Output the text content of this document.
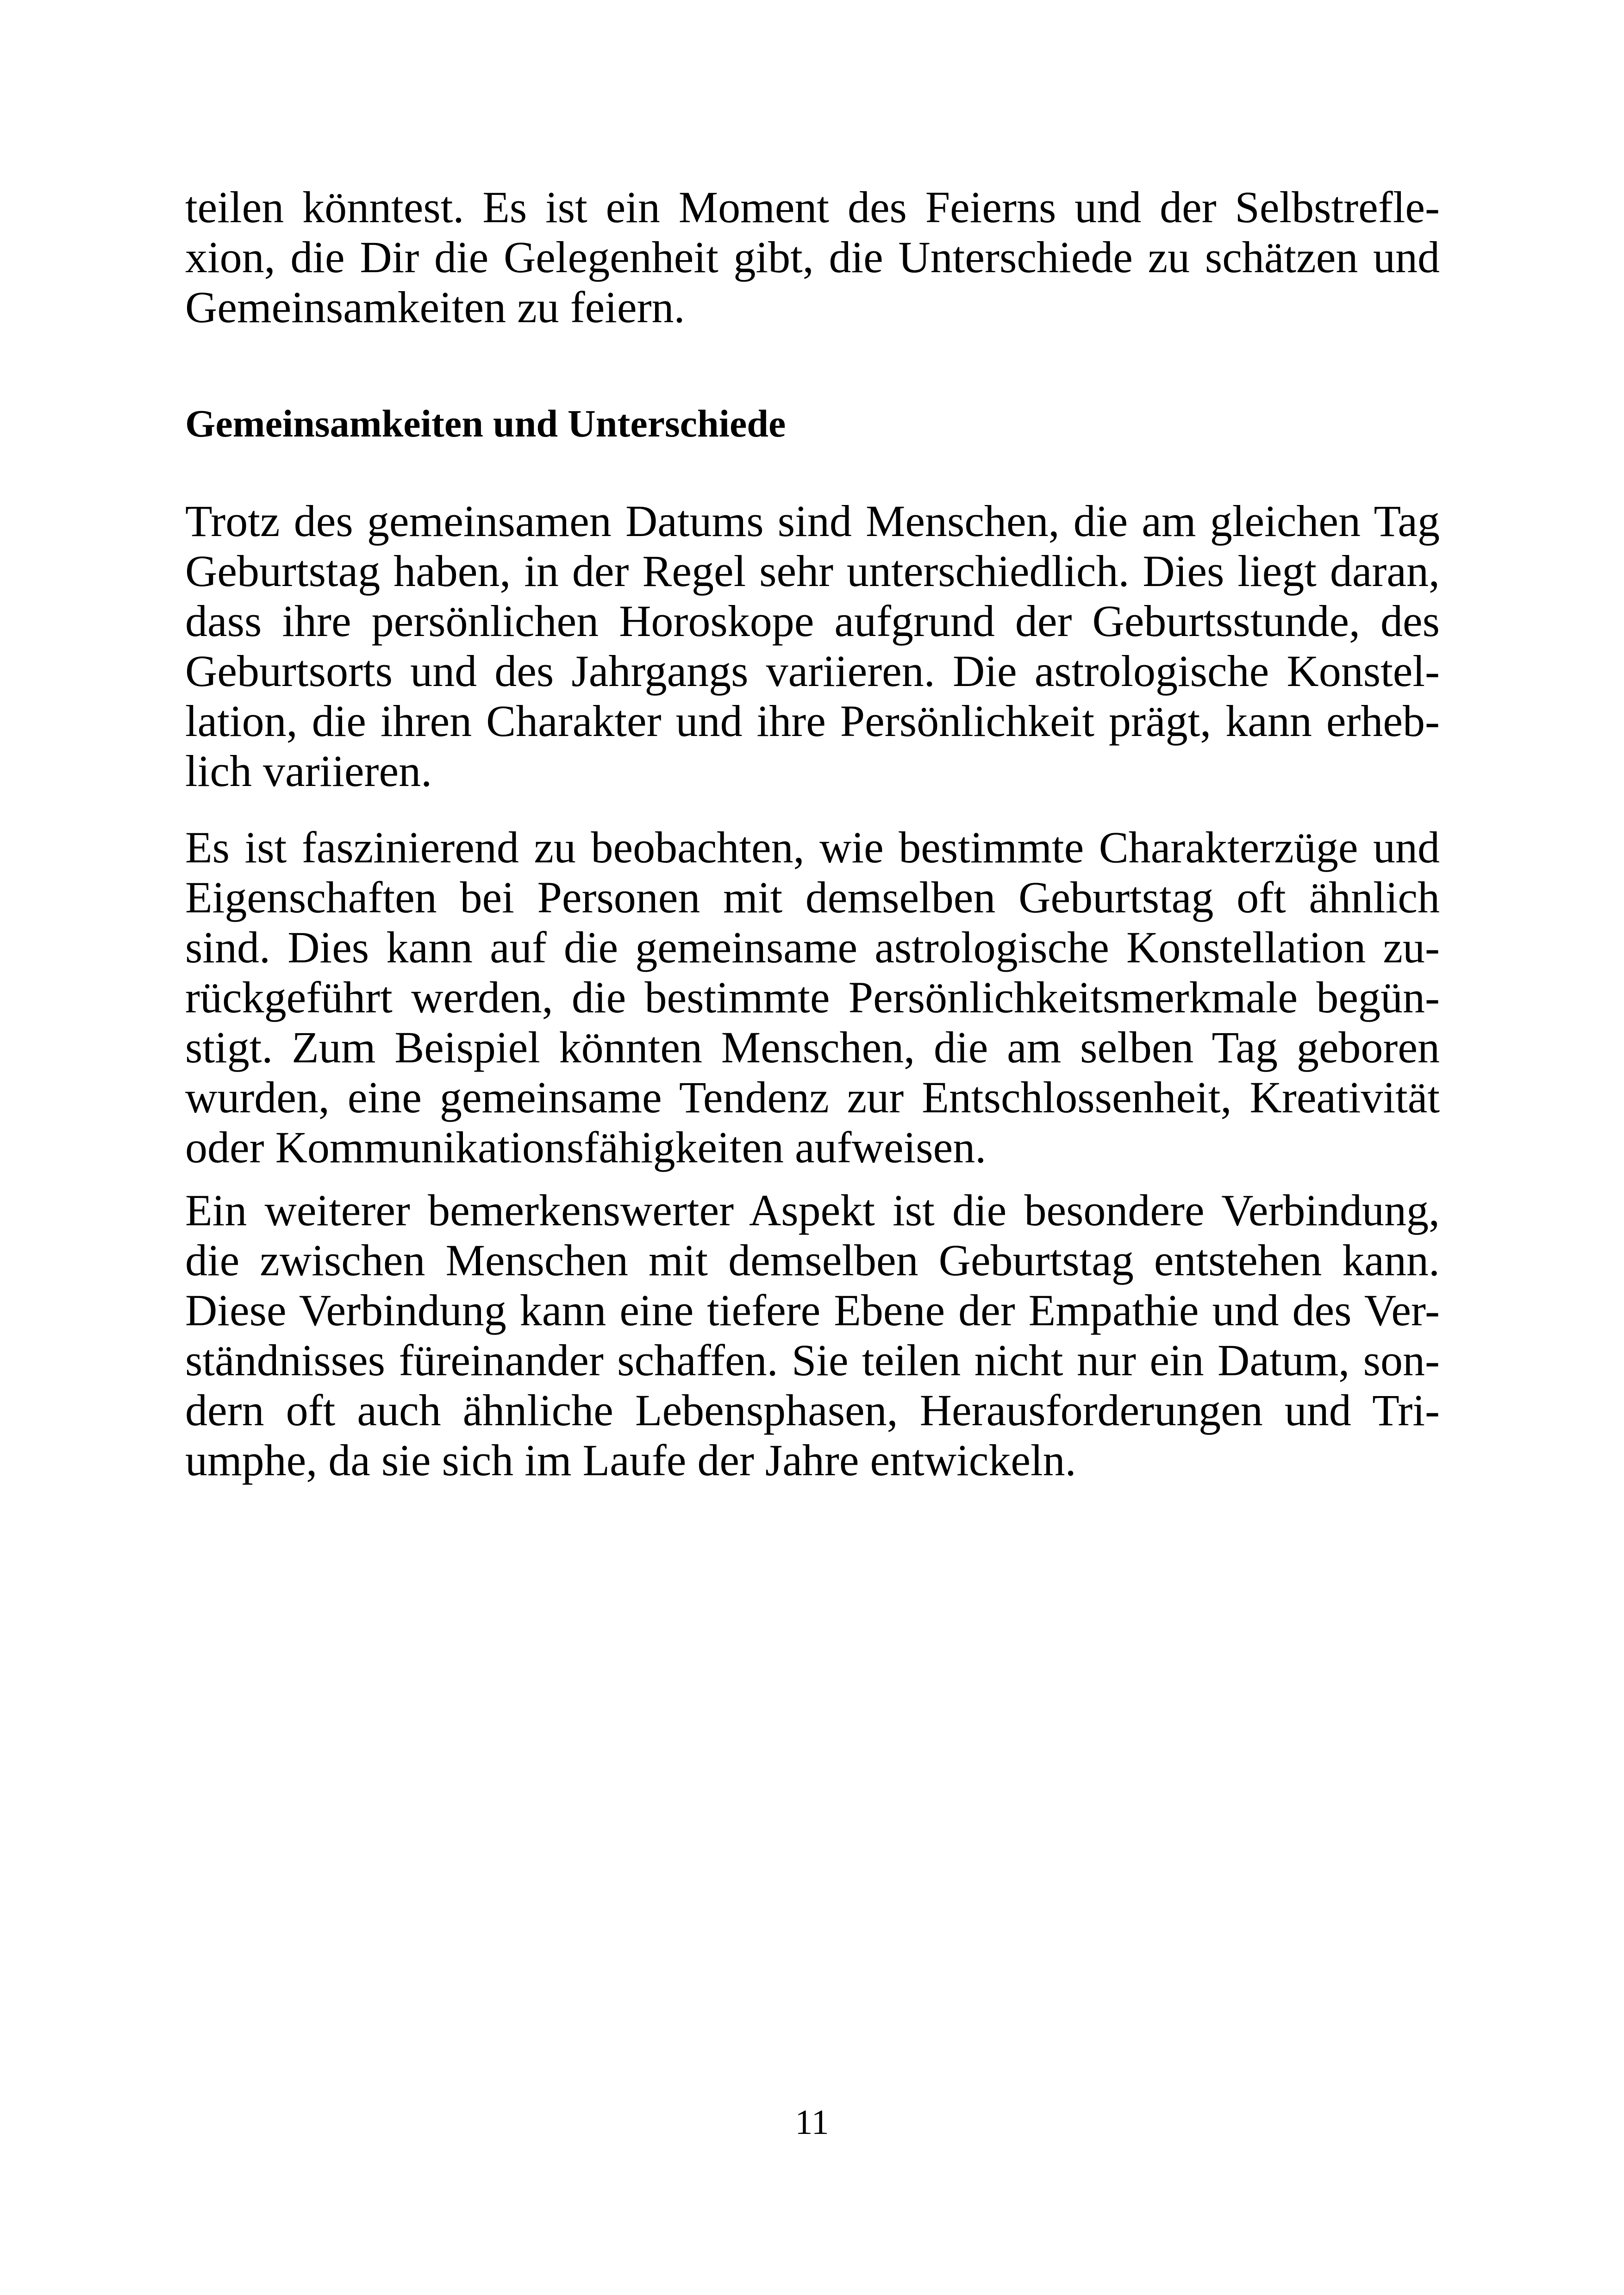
teilen könntest. Es ist ein Moment des Feierns und der Selbstrefle-
xion, die Dir die Gelegenheit gibt, die Unterschiede zu schätzen und
Gemeinsamkeiten zu feiern.
Gemeinsamkeiten und Unterschiede
Trotz des gemeinsamen Datums sind Menschen, die am gleichen Tag
Geburtstag haben, in der Regel sehr unterschiedlich. Dies liegt daran,
dass ihre persönlichen Horoskope aufgrund der Geburtsstunde, des
Geburtsorts und des Jahrgangs variieren. Die astrologische Konstel-
lation, die ihren Charakter und ihre Persönlichkeit prägt, kann erheb-
lich variieren.
Es ist faszinierend zu beobachten, wie bestimmte Charakterzüge und
Eigenschaften bei Personen mit demselben Geburtstag oft ähnlich
sind. Dies kann auf die gemeinsame astrologische Konstellation zu-
rückgeführt werden, die bestimmte Persönlichkeitsmerkmale begün-
stigt. Zum Beispiel könnten Menschen, die am selben Tag geboren
wurden, eine gemeinsame Tendenz zur Entschlossenheit, Kreativität
oder Kommunikationsfähigkeiten aufweisen.
Ein weiterer bemerkenswerter Aspekt ist die besondere Verbindung,
die zwischen Menschen mit demselben Geburtstag entstehen kann.
Diese Verbindung kann eine tiefere Ebene der Empathie und des Ver-
ständnisses füreinander schaffen. Sie teilen nicht nur ein Datum, son-
dern oft auch ähnliche Lebensphasen, Herausforderungen und Tri-
umphe, da sie sich im Laufe der Jahre entwickeln.
11
